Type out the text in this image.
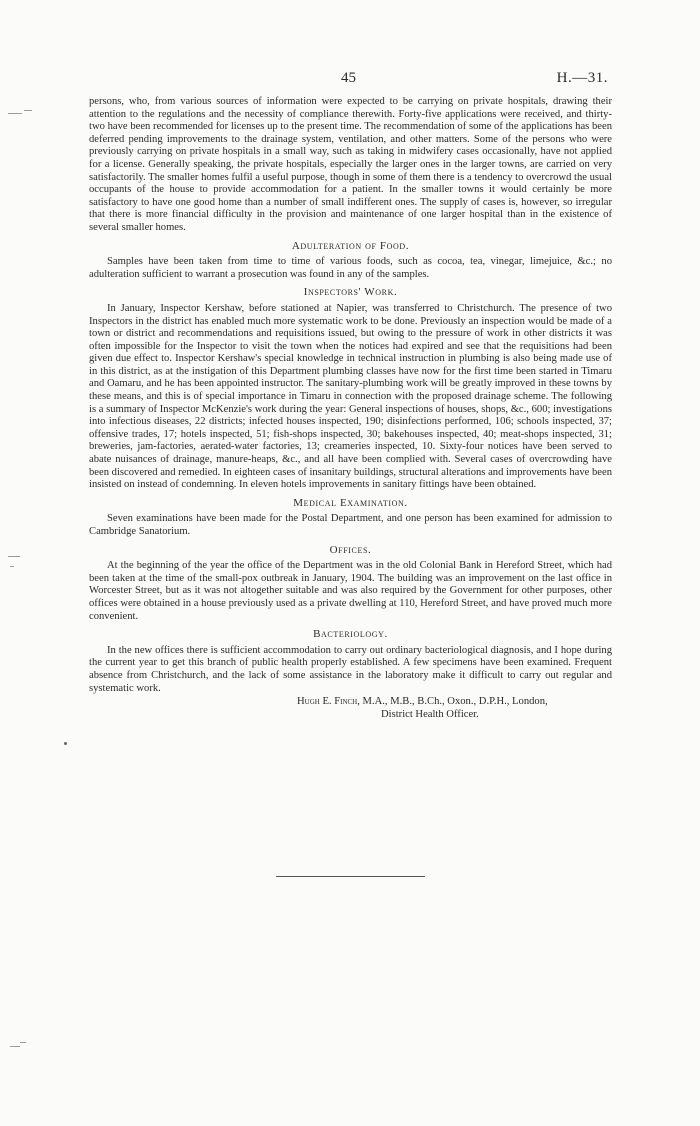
45	H.—31.

persons, who, from various sources of information were expected to be carrying on private hospitals, drawing their attention to the regulations and the necessity of compliance therewith. Forty-five applications were received, and thirty-two have been recommended for licenses up to the present time. The recommendation of some of the applications has been deferred pending improvements to the drainage system, ventilation, and other matters. Some of the persons who were previously carrying on private hospitals in a small way, such as taking in midwifery cases occasionally, have not applied for a license. Generally speaking, the private hospitals, especially the larger ones in the larger towns, are carried on very satisfactorily. The smaller homes fulfil a useful purpose, though in some of them there is a tendency to overcrowd the usual occupants of the house to provide accommodation for a patient. In the smaller towns it would certainly be more satisfactory to have one good home than a number of small indifferent ones. The supply of cases is, however, so irregular that there is more financial difficulty in the provision and maintenance of one larger hospital than in the existence of several smaller homes.

Adulteration of Food.

Samples have been taken from time to time of various foods, such as cocoa, tea, vinegar, limejuice, &c.; no adulteration sufficient to warrant a prosecution was found in any of the samples.

Inspectors' Work.

In January, Inspector Kershaw, before stationed at Napier, was transferred to Christchurch. The presence of two Inspectors in the district has enabled much more systematic work to be done. Previously an inspection would be made of a town or district and recommendations and requisitions issued, but owing to the pressure of work in other districts it was often impossible for the Inspector to visit the town when the notices had expired and see that the requisitions had been given due effect to. Inspector Kershaw's special knowledge in technical instruction in plumbing is also being made use of in this district, as at the instigation of this Department plumbing classes have now for the first time been started in Timaru and Oamaru, and he has been appointed instructor. The sanitary-plumbing work will be greatly improved in these towns by these means, and this is of special importance in Timaru in connection with the proposed drainage scheme. The following is a summary of Inspector McKenzie's work during the year: General inspections of houses, shops, &c., 600; investigations into infectious diseases, 22 districts; infected houses inspected, 190; disinfections performed, 106; schools inspected, 37; offensive trades, 17; hotels inspected, 51; fish-shops inspected, 30; bakehouses inspected, 40; meat-shops inspected, 31; breweries, jam-factories, aerated-water factories, 13; creameries inspected, 10. Sixty-four notices have been served to abate nuisances of drainage, manure-heaps, &c., and all have been complied with. Several cases of overcrowding have been discovered and remedied. In eighteen cases of insanitary buildings, structural alterations and improvements have been insisted on instead of condemning. In eleven hotels improvements in sanitary fittings have been obtained.

Medical Examination.

Seven examinations have been made for the Postal Department, and one person has been examined for admission to Cambridge Sanatorium.

Offices.

At the beginning of the year the office of the Department was in the old Colonial Bank in Hereford Street, which had been taken at the time of the small-pox outbreak in January, 1904. The building was an improvement on the last office in Worcester Street, but as it was not altogether suitable and was also required by the Government for other purposes, other offices were obtained in a house previously used as a private dwelling at 110, Hereford Street, and have proved much more convenient.

Bacteriology.

In the new offices there is sufficient accommodation to carry out ordinary bacteriological diagnosis, and I hope during the current year to get this branch of public health properly established. A few specimens have been examined. Frequent absence from Christchurch, and the lack of some assistance in the laboratory make it difficult to carry out regular and systematic work.

Hugh E. Finch, M.A., M.B., B.Ch., Oxon., D.P.H., London,
District Health Officer.
